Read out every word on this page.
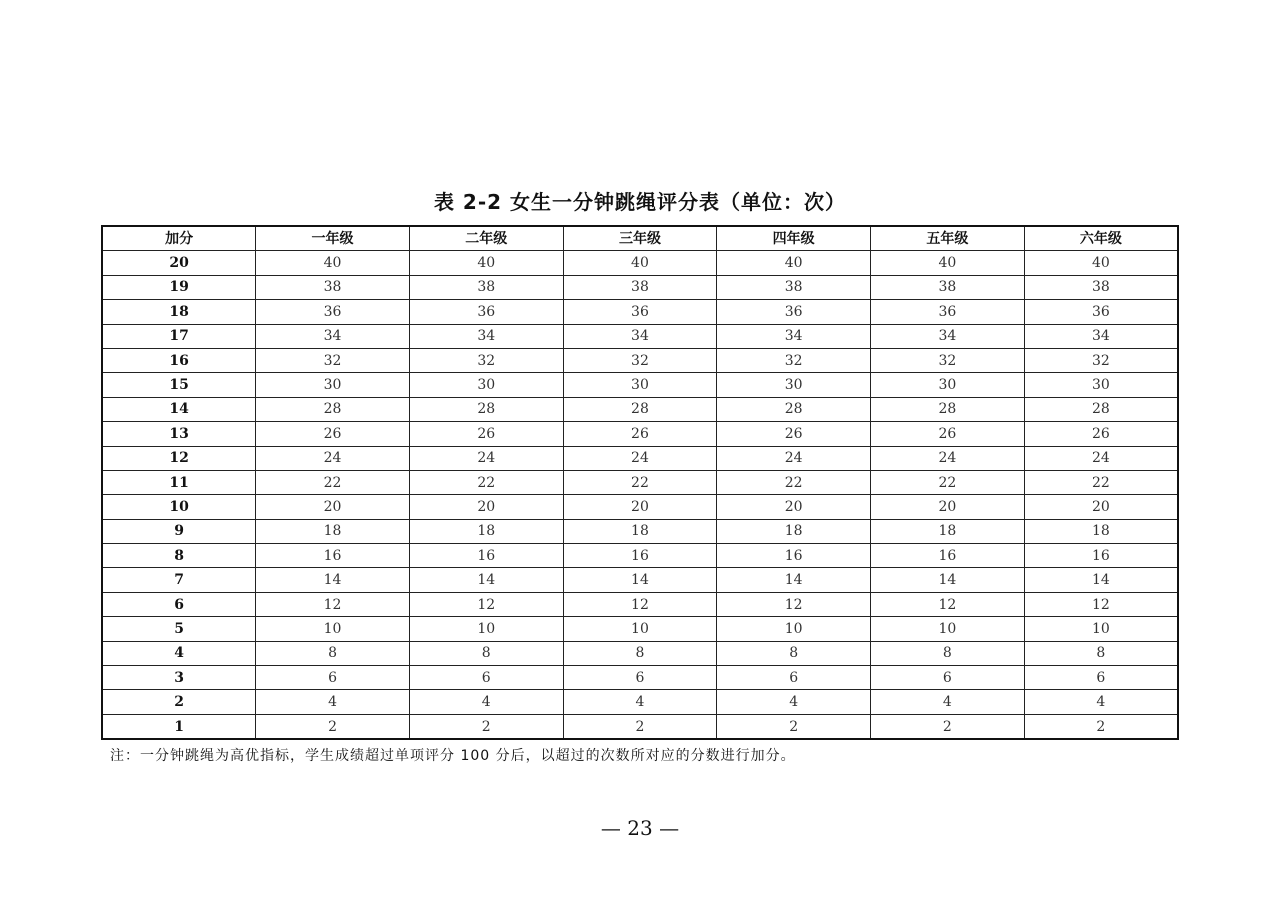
表 2-2 女生一分钟跳绳评分表（单位：次）
加分	一年级	二年级	三年级	四年级	五年级	六年级
20	40	40	40	40	40	40
19	38	38	38	38	38	38
18	36	36	36	36	36	36
17	34	34	34	34	34	34
16	32	32	32	32	32	32
15	30	30	30	30	30	30
14	28	28	28	28	28	28
13	26	26	26	26	26	26
12	24	24	24	24	24	24
11	22	22	22	22	22	22
10	20	20	20	20	20	20
9	18	18	18	18	18	18
8	16	16	16	16	16	16
7	14	14	14	14	14	14
6	12	12	12	12	12	12
5	10	10	10	10	10	10
4	8	8	8	8	8	8
3	6	6	6	6	6	6
2	4	4	4	4	4	4
1	2	2	2	2	2	2
注：一分钟跳绳为高优指标，学生成绩超过单项评分 100 分后，以超过的次数所对应的分数进行加分。
— 23 —
